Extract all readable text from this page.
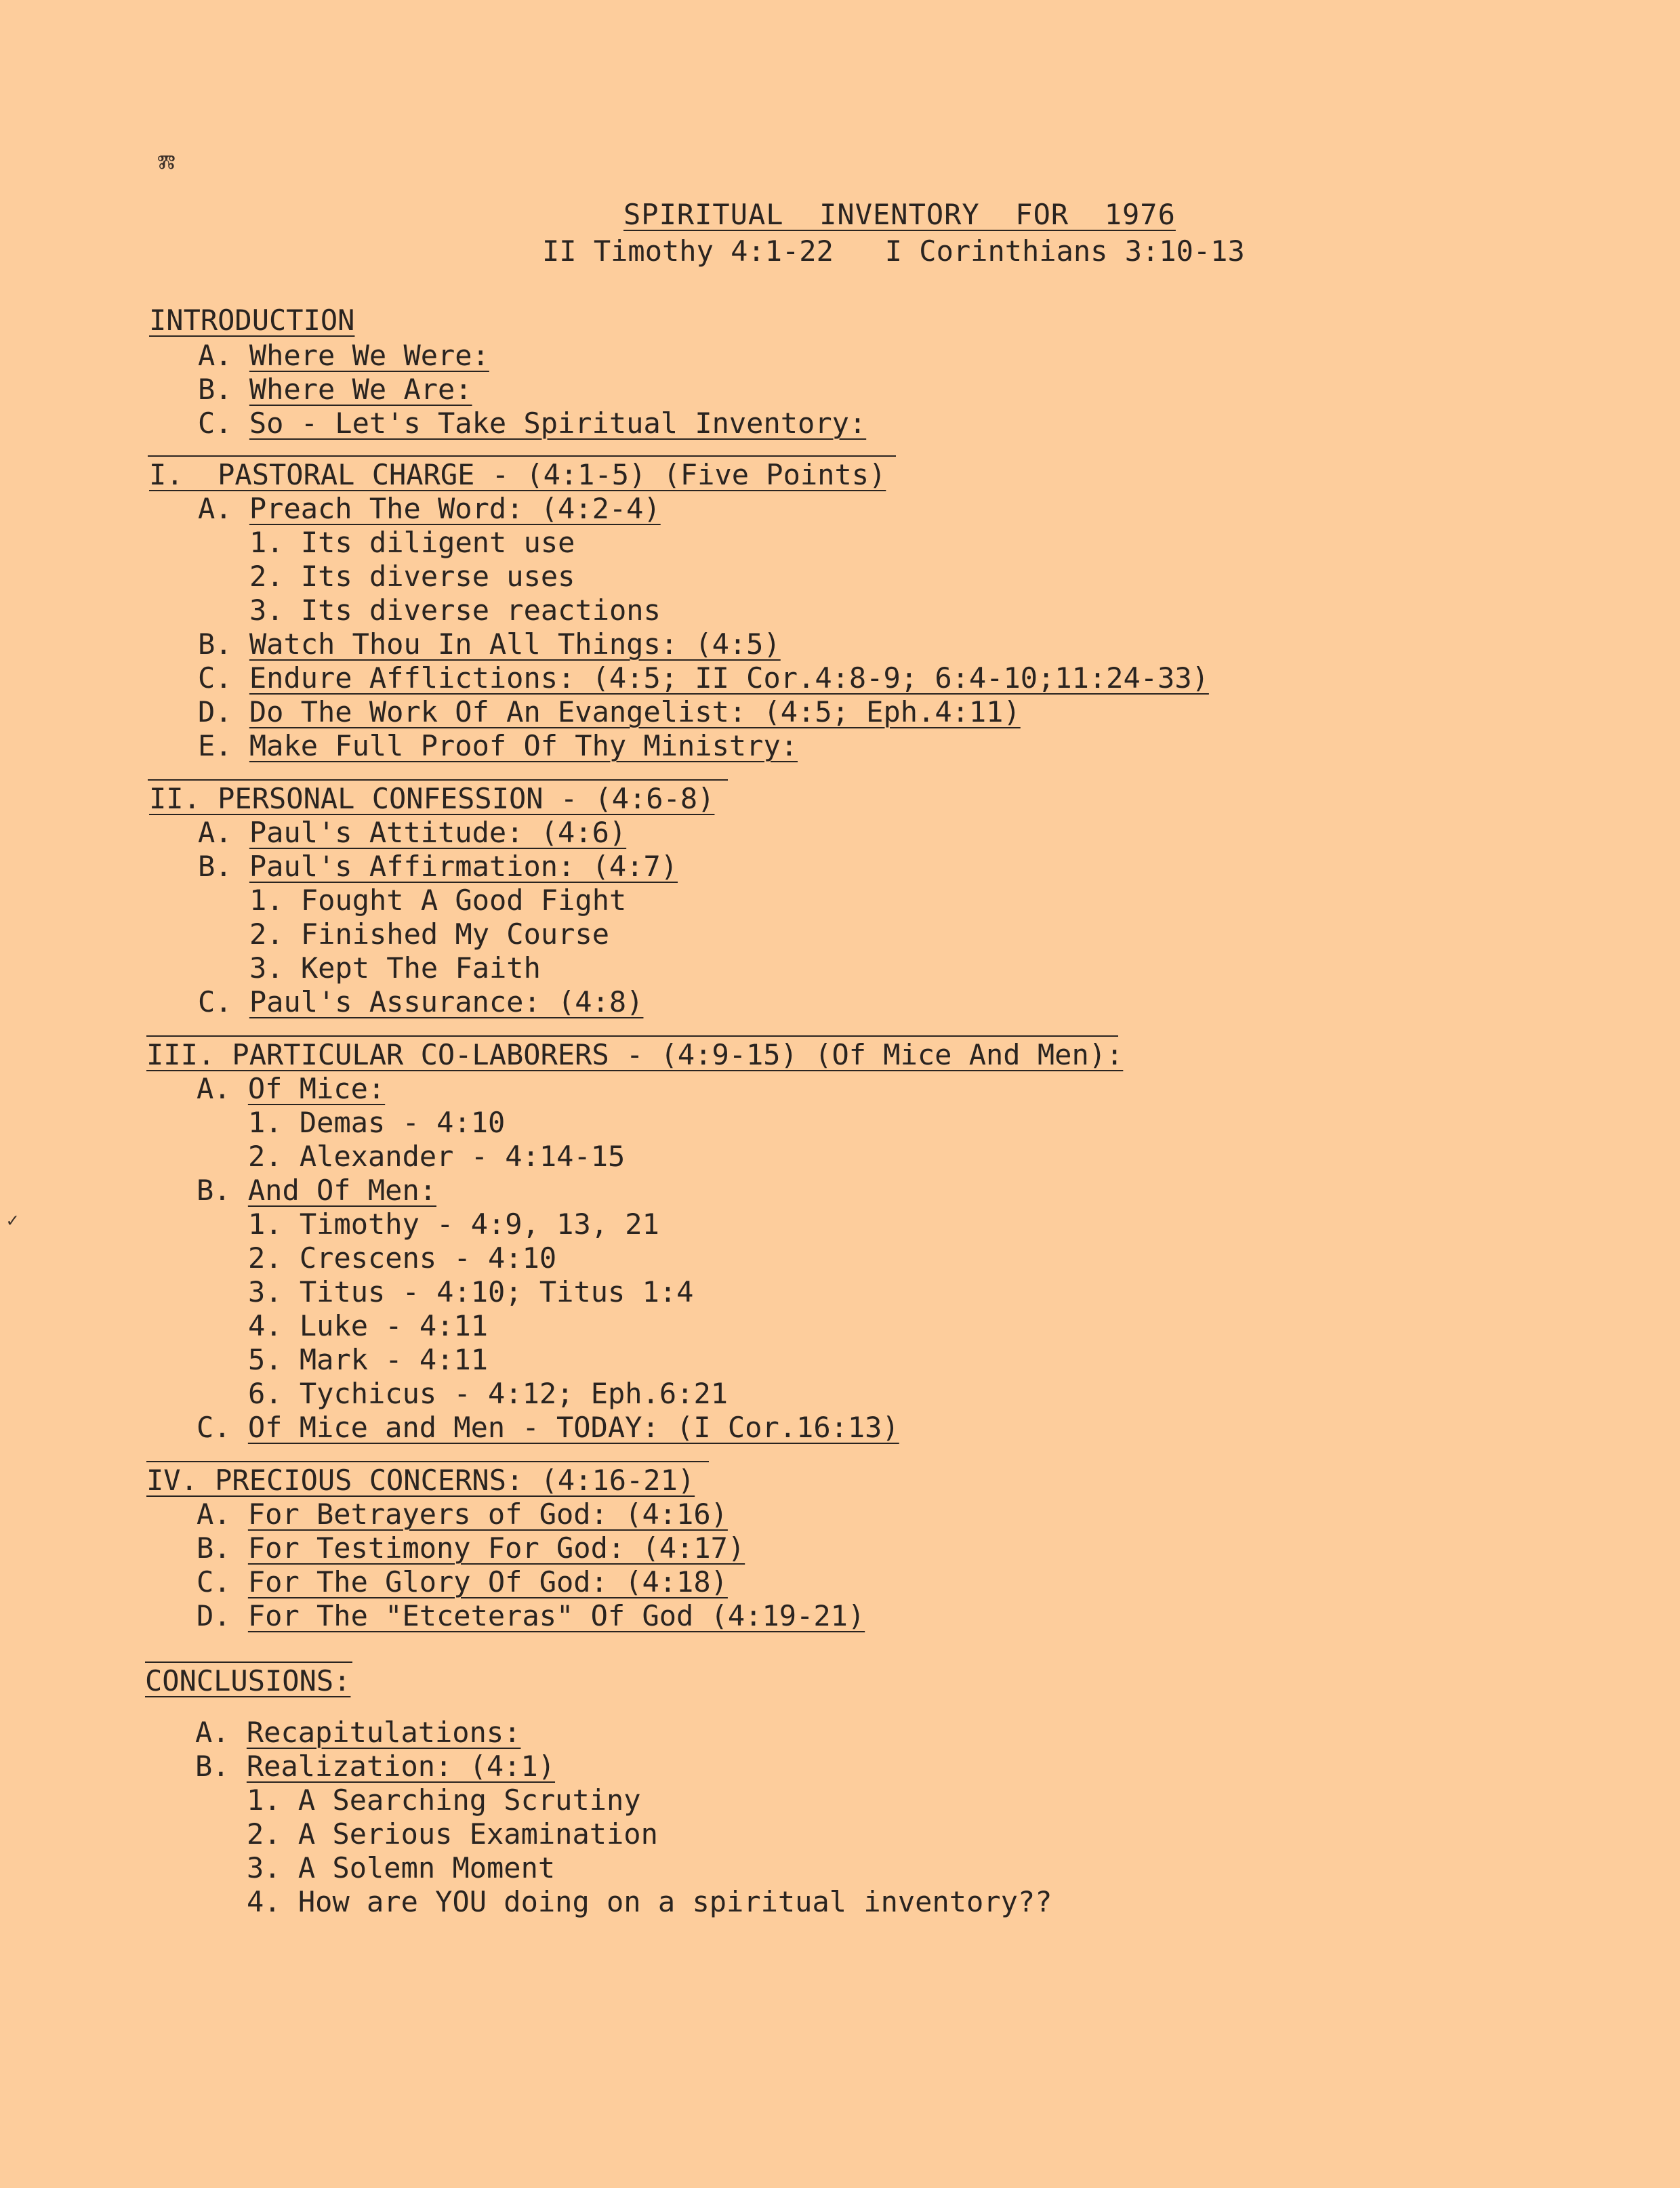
Ⰿ
✓
SPIRITUAL  INVENTORY  FOR  1976
II Timothy 4:1-22   I Corinthians 3:10-13
INTRODUCTION
A. Where We Were:
B. Where We Are:
C. So - Let's Take Spiritual Inventory:
I.  PASTORAL CHARGE - (4:1-5) (Five Points)
A. Preach The Word: (4:2-4)
1. Its diligent use
2. Its diverse uses
3. Its diverse reactions
B. Watch Thou In All Things: (4:5)
C. Endure Afflictions: (4:5; II Cor.4:8-9; 6:4-10;11:24-33)
D. Do The Work Of An Evangelist: (4:5; Eph.4:11)
E. Make Full Proof Of Thy Ministry:
II. PERSONAL CONFESSION - (4:6-8)
A. Paul's Attitude: (4:6)
B. Paul's Affirmation: (4:7)
1. Fought A Good Fight
2. Finished My Course
3. Kept The Faith
C. Paul's Assurance: (4:8)
III. PARTICULAR CO-LABORERS - (4:9-15) (Of Mice And Men):
A. Of Mice:
1. Demas - 4:10
2. Alexander - 4:14-15
B. And Of Men:
1. Timothy - 4:9, 13, 21
2. Crescens - 4:10
3. Titus - 4:10; Titus 1:4
4. Luke - 4:11
5. Mark - 4:11
6. Tychicus - 4:12; Eph.6:21
C. Of Mice and Men - TODAY: (I Cor.16:13)
IV. PRECIOUS CONCERNS: (4:16-21)
A. For Betrayers of God: (4:16)
B. For Testimony For God: (4:17)
C. For The Glory Of God: (4:18)
D. For The "Etceteras" Of God (4:19-21)
CONCLUSIONS:
A. Recapitulations:
B. Realization: (4:1)
1. A Searching Scrutiny
2. A Serious Examination
3. A Solemn Moment
4. How are YOU doing on a spiritual inventory??
